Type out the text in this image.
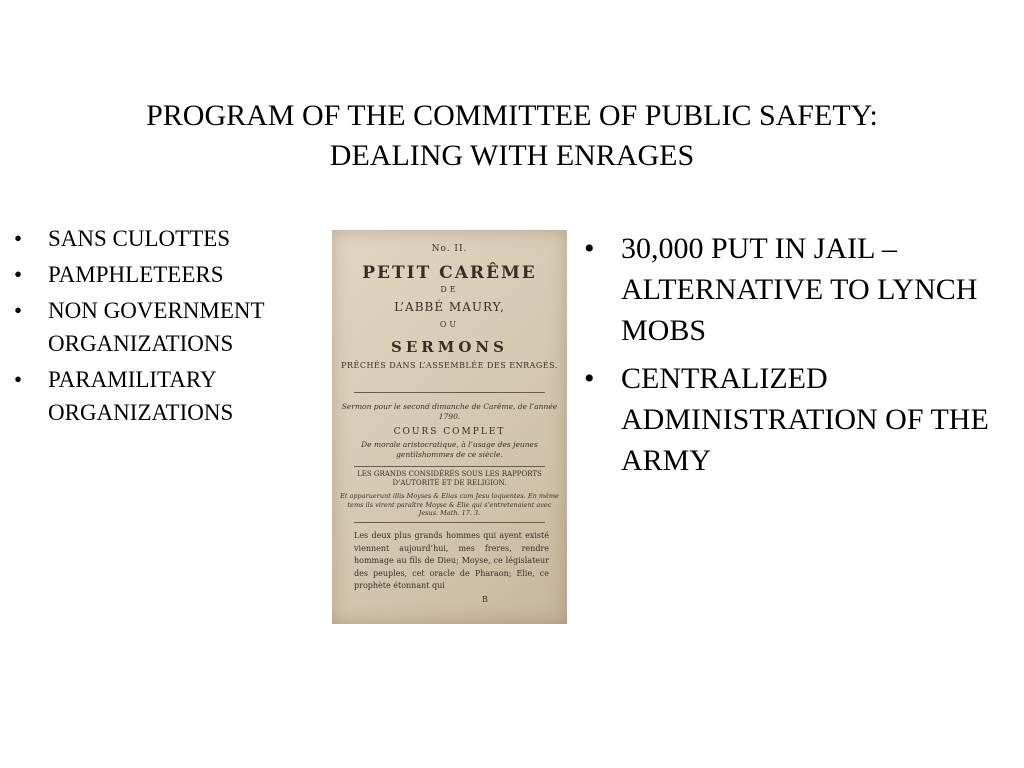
PROGRAM OF THE COMMITTEE OF PUBLIC SAFETY:
DEALING WITH ENRAGES
• SANS CULOTTES
• PAMPHLETEERS
• NON GOVERNMENT ORGANIZATIONS
• PARAMILITARY ORGANIZATIONS
No. II.
PETIT CARÊME
DE
L’ABBÉ MAURY,
OU
SERMONS
PRÊCHÉS DANS L’ASSEMBLÉE DES ENRAGÉS.
Sermon pour le second dimanche de Carême, de l’année 1790.
COURS COMPLET
De morale aristocratique, à l’usage des jeunes gentilshommes de ce siècle.
LES GRANDS CONSIDÉRÉS SOUS LES RAPPORTS D’AUTORITÉ ET DE RELIGION.
Et apparuerunt illis Moyses & Elias cum Jesu loquentes. En même tems ils virent paraître Moyse & Elie qui s’entretenaient avec Jesus. Math. 17. 3.
Les deux plus grands hommes qui ayent existé viennent aujourd’hui, mes freres, rendre hommage au fils de Dieu; Moyse, ce législateur des peuples, cet oracle de Pharaon; Elie, ce prophète étonnant qui
B
• 30,000 PUT IN JAIL – ALTERNATIVE TO LYNCH MOBS
• CENTRALIZED ADMINISTRATION OF THE ARMY
